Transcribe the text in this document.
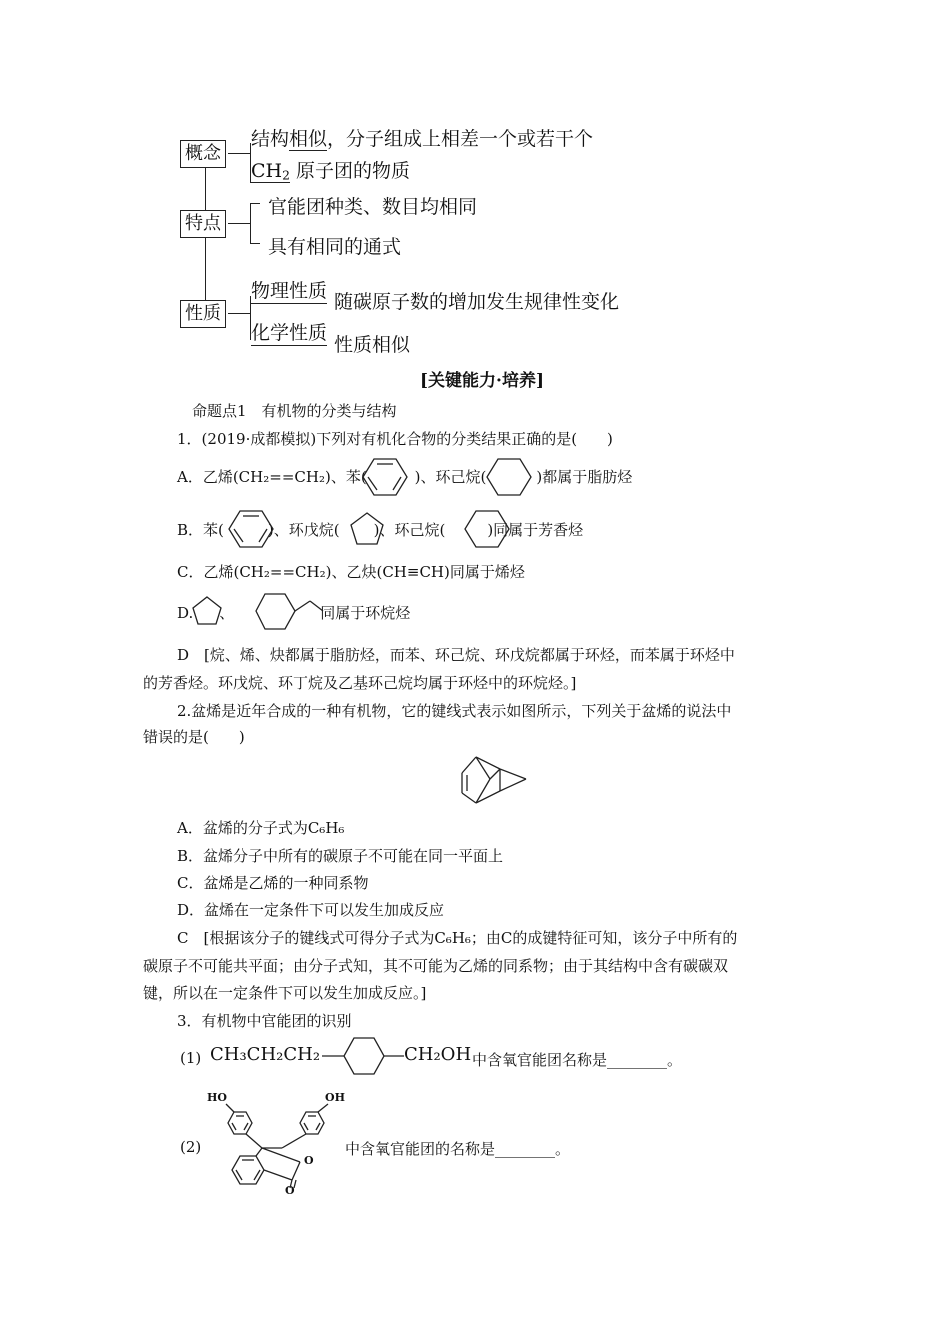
概念
特点
性质
结构相似，分子组成上相差一个或若干个
$CH_2$ 原子团的物质
官能团种类、数目均相同
具有相同的通式
物理性质 随碳原子数的增加发生规律性变化
化学性质
性质相似
[关键能力·培养]
命题点1　有机物的分类与结构
1．(2019·成都模拟)下列对有机化合物的分类结果正确的是(　　)
A．乙烯(CH₂==CH₂)、苯(	)、环己烷(	)都属于脂肪烃
B．苯(	)、环戊烷( )、环己烷(	)同属于芳香烃
C．乙烯(CH₂==CH₂)、乙炔(CH≡CH)同属于烯烃
D. 、	同属于环烷烃
D　[烷、烯、炔都属于脂肪烃，而苯、环己烷、环戊烷都属于环烃，而苯属于环烃中
的芳香烃。环戊烷、环丁烷及乙基环己烷均属于环烃中的环烷烃。]
2.盆烯是近年合成的一种有机物，它的键线式表示如图所示，下列关于盆烯的说法中
错误的是(　　)
A．盆烯的分子式为C₆H₆
B．盆烯分子中所有的碳原子不可能在同一平面上
C．盆烯是乙烯的一种同系物
D．盆烯在一定条件下可以发生加成反应
C　[根据该分子的键线式可得分子式为C₆H₆；由C的成键特征可知，该分子中所有的
碳原子不可能共平面；由分子式知，其不可能为乙烯的同系物；由于其结构中含有碳碳双
键，所以在一定条件下可以发生加成反应。]
3．有机物中官能团的识别
(1) CH₃CH₂CH₂	CH₂OH 中含氧官能团名称是________。
(2)
HO	OH
O
O
中含氧官能团的名称是________。
